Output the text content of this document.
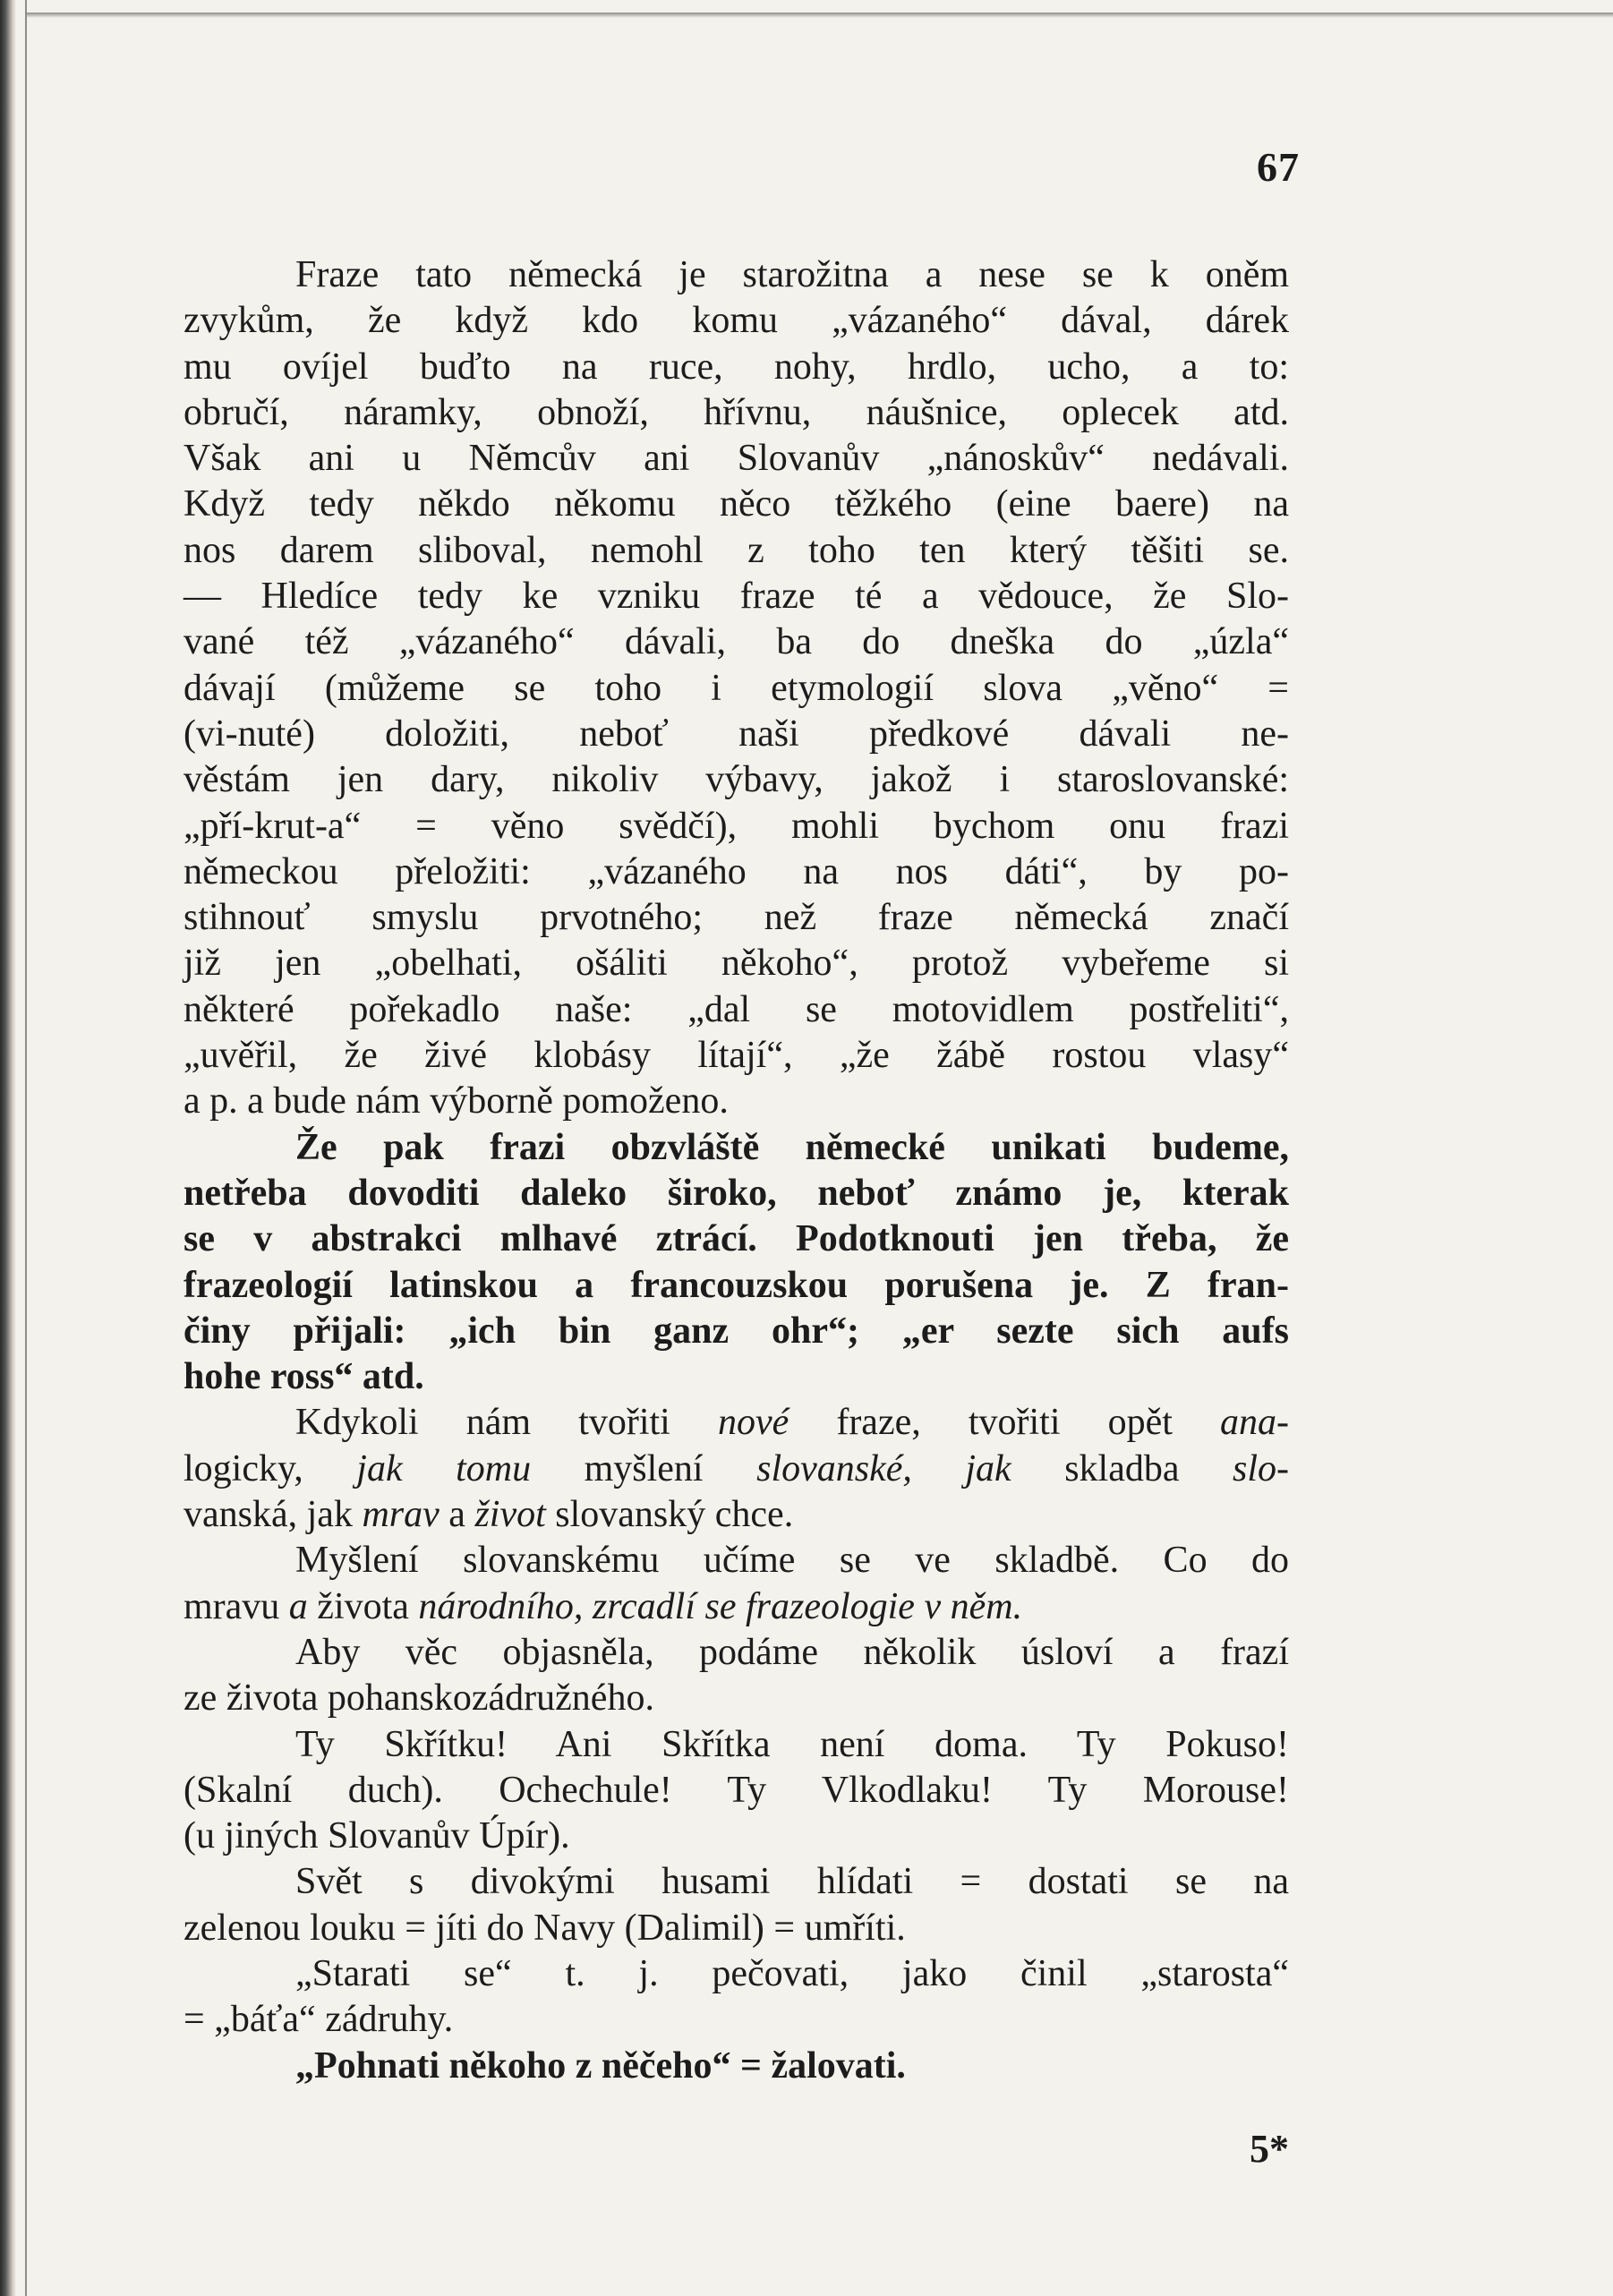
67
Fraze tato německá je starožitna a nese se k oněm
zvykům, že když kdo komu „vázaného“ dával, dárek
mu ovíjel buďto na ruce, nohy, hrdlo, ucho, a to:
obručí, náramky, obnoží, hřívnu, náušnice, oplecek atd.
Však ani u Němcův ani Slovanův „nánoskův“ nedávali.
Když tedy někdo někomu něco těžkého (eine baere) na
nos darem sliboval, nemohl z toho ten který těšiti se.
— Hledíce tedy ke vzniku fraze té a vědouce, že Slo-
vané též „vázaného“ dávali, ba do dneška do „úzla“
dávají (můžeme se toho i etymologií slova „věno“ =
(vi-nuté) doložiti, neboť naši předkové dávali ne-
věstám jen dary, nikoliv výbavy, jakož i staroslovanské:
„pří-krut-a“ = věno svědčí), mohli bychom onu frazi
německou přeložiti: „vázaného na nos dáti“, by po-
stihnouť smyslu prvotného; než fraze německá značí
již jen „obelhati, ošáliti někoho“, protož vybeřeme si
některé pořekadlo naše: „dal se motovidlem postřeliti“,
„uvěřil, že živé klobásy lítají“, „že žábě rostou vlasy“
a p. a bude nám výborně pomoženo.
Že pak frazi obzvláště německé unikati budeme,
netřeba dovoditi daleko široko, neboť známo je, kterak
se v abstrakci mlhavé ztrácí. Podotknouti jen třeba, že
frazeologií latinskou a francouzskou porušena je. Z fran-
činy přijali: „ich bin ganz ohr“; „er sezte sich aufs
hohe ross“ atd.
Kdykoli nám tvořiti nové fraze, tvořiti opět ana-
logicky, jak tomu myšlení slovanské, jak skladba slo-
vanská, jak mrav a život slovanský chce.
Myšlení slovanskému učíme se ve skladbě. Co do
mravu a života národního, zrcadlí se frazeologie v něm.
Aby věc objasněla, podáme několik úsloví a frazí
ze života pohanskozádružného.
Ty Skřítku! Ani Skřítka není doma. Ty Pokuso!
(Skalní duch). Ochechule! Ty Vlkodlaku! Ty Morouse!
(u jiných Slovanův Úpír).
Svět s divokými husami hlídati = dostati se na
zelenou louku = jíti do Navy (Dalimil) = umříti.
„Starati se“ t. j. pečovati, jako činil „starosta“
= „báťa“ zádruhy.
„Pohnati někoho z něčeho“ = žalovati.
5*
